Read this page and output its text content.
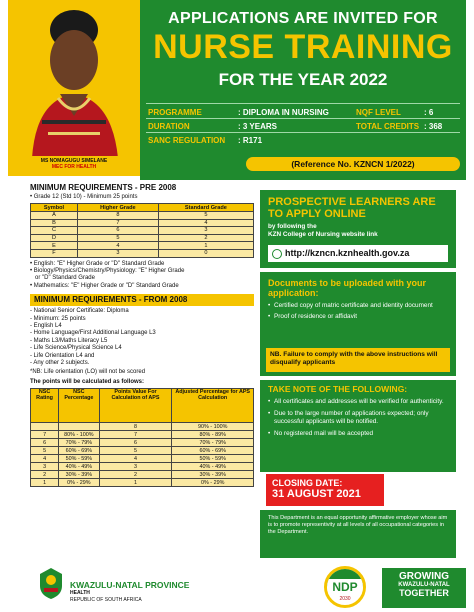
MS NOMAGUGU SIMELANE
MEC FOR HEALTH
APPLICATIONS ARE INVITED FOR
NURSE TRAINING
FOR THE YEAR 2022
PROGRAMME	: DIPLOMA IN NURSING	NQF LEVEL	: 6
DURATION	: 3 YEARS	TOTAL CREDITS : 368
SANC REGULATION : R171
(Reference No. KZNCN 1/2022)
MINIMUM REQUIREMENTS - PRE 2008
• Grade 12 (Std 10) - Minimum 25 points
Symbol	Higher Grade	Standard Grade
A	8	5
B	7	4
C	6	3
D	5	2
E	4	1
F	3	0
• English: "E" Higher Grade or "D" Standard Grade
• Biology/Physics/Chemistry/Physiology: "E" Higher Grade
or "D" Standard Grade
• Mathematics: "E" Higher Grade or "D" Standard Grade
MINIMUM REQUIREMENTS - FROM 2008
- National Senior Certificate: Diploma
- Minimum: 25 points
- English L4
- Home Language/First Additional Language L3
- Maths L3/Maths Literacy L5
- Life Science/Physical Science L4
- Life Orientation L4 and
- Any other 2 subjects.
*NB: Life orientation (LO) will not be scored
The points will be calculated as follows:
NSC Rating	NSC Percentage	Points Value For Calculation of APS	Adjusted Percentage for APS Calculation
		8	90% - 100%
7	80% - 100%	7	80% - 89%
6	70% - 79%	6	70% - 79%
5	60% - 69%	5	60% - 69%
4	50% - 59%	4	50% - 59%
3	40% - 49%	3	40% - 49%
2	30% - 39%	2	30% - 39%
1	0% - 29%	1	0% - 29%
PROSPECTIVE LEARNERS ARE TO APPLY ONLINE
by following the
KZN College of Nursing website link
http://kzncn.kznhealth.gov.za
Documents to be uploaded with your application:
• Certified copy of matric certificate and identity document
• Proof of residence or affidavit
NB. Failure to comply with the above instructions will disqualify applicants
TAKE NOTE OF THE FOLLOWING:
• All certificates and addresses will be verified for authenticity.
• Due to the large number of applications expected; only successful applicants will be notified.
• No registered mail will be accepted
CLOSING DATE:
31 AUGUST 2021
This Department is an equal opportunity affirmative employer whose aim is to promote representivity at all levels of all occupational categories in the Department.
KWAZULU-NATAL PROVINCE
HEALTH
REPUBLIC OF SOUTH AFRICA
NDP
2030
GROWING
KWAZULU-NATAL
TOGETHER
